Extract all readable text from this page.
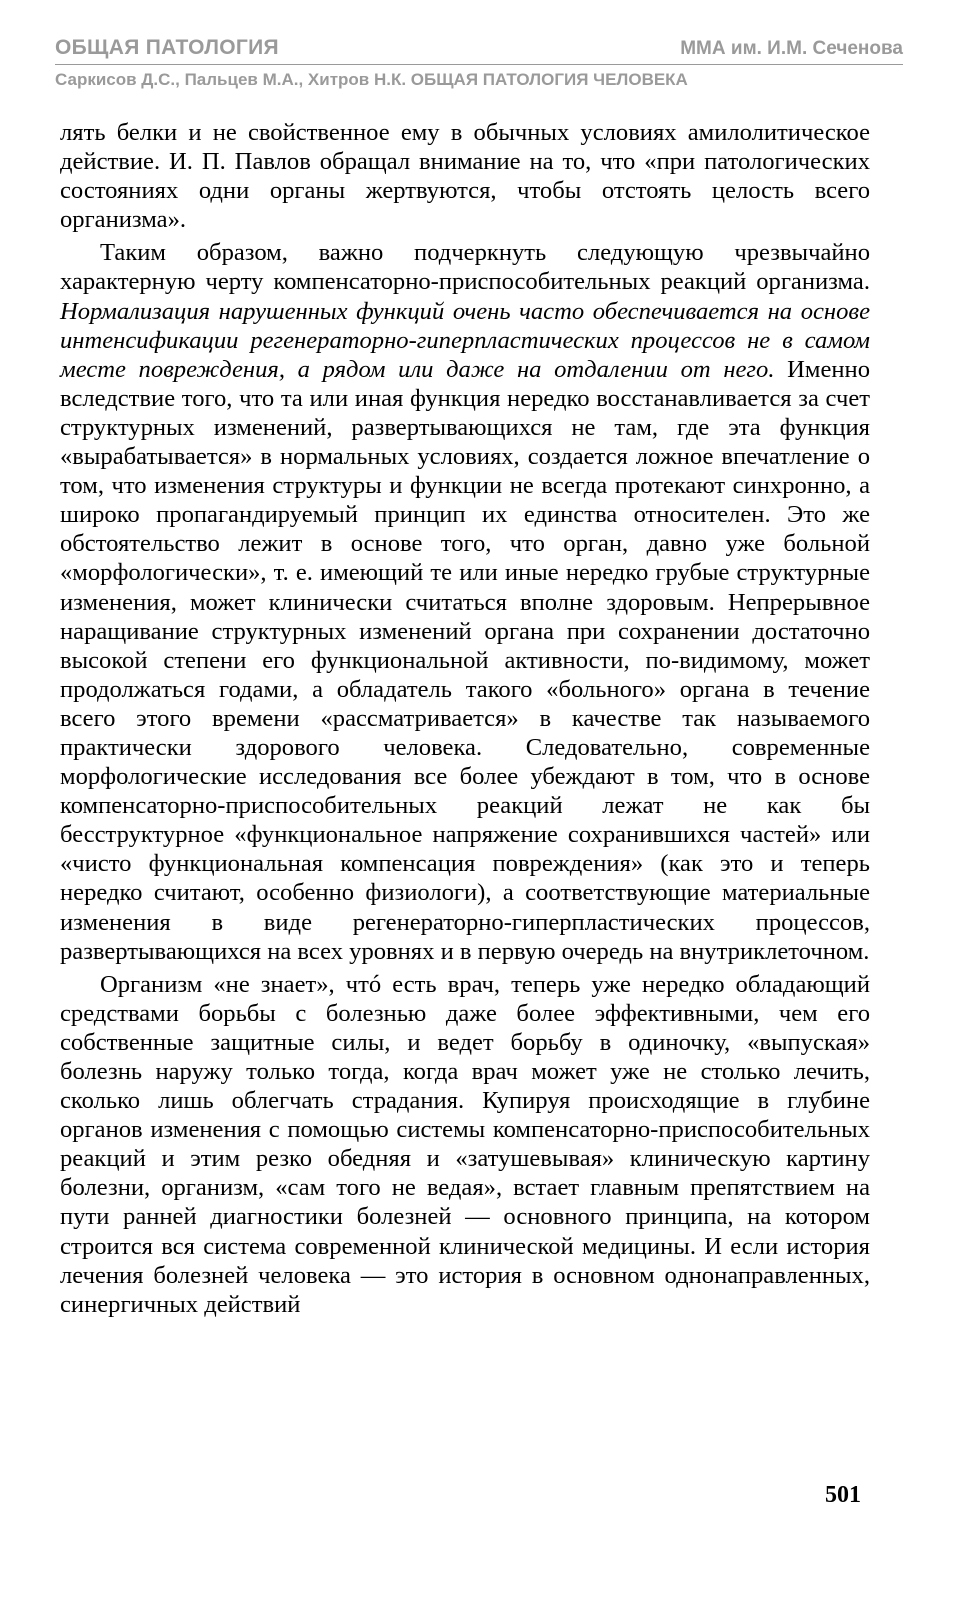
ОБЩАЯ ПАТОЛОГИЯ	ММА им. И.М. Сеченова
Саркисов Д.С., Пальцев М.А., Хитров Н.К. ОБЩАЯ ПАТОЛОГИЯ ЧЕЛОВЕКА

лять белки и не свойственное ему в обычных условиях амилолитическое действие. И. П. Павлов обращал внимание на то, что «при патологических состояниях одни органы жертвуются, чтобы отстоять целость всего организма».

Таким образом, важно подчеркнуть следующую чрезвычайно характерную черту компенсаторно-приспособительных реакций организма. Нормализация нарушенных функций очень часто обеспечивается на основе интенсификации регенераторно-гиперпластических процессов не в самом месте повреждения, а рядом или даже на отдалении от него. Именно вследствие того, что та или иная функция нередко восстанавливается за счет структурных изменений, развертывающихся не там, где эта функция «вырабатывается» в нормальных условиях, создается ложное впечатление о том, что изменения структуры и функции не всегда протекают синхронно, а широко пропагандируемый принцип их единства относителен. Это же обстоятельство лежит в основе того, что орган, давно уже больной «морфологически», т. е. имеющий те или иные нередко грубые структурные изменения, может клинически считаться вполне здоровым. Непрерывное наращивание структурных изменений органа при сохранении достаточно высокой степени его функциональной активности, по-видимому, может продолжаться годами, а обладатель такого «больного» органа в течение всего этого времени «рассматривается» в качестве так называемого практически здорового человека. Следовательно, современные морфологические исследования все более убеждают в том, что в основе компенсаторно-приспособительных реакций лежат не как бы бесструктурное «функциональное напряжение сохранившихся частей» или «чисто функциональная компенсация повреждения» (как это и теперь нередко считают, особенно физиологи), а соответствующие материальные изменения в виде регенераторно-гиперпластических процессов, развертывающихся на всех уровнях и в первую очередь на внутриклеточном.

Организм «не знает», чтó есть врач, теперь уже нередко обладающий средствами борьбы с болезнью даже более эффективными, чем его собственные защитные силы, и ведет борьбу в одиночку, «выпуская» болезнь наружу только тогда, когда врач может уже не столько лечить, сколько лишь облегчать страдания. Купируя происходящие в глубине органов изменения с помощью системы компенсаторно-приспособительных реакций и этим резко обедняя и «затушевывая» клиническую картину болезни, организм, «сам того не ведая», встает главным препятствием на пути ранней диагностики болезней — основного принципа, на котором строится вся система современной клинической медицины. И если история лечения болезней человека — это история в основном однонаправленных, синергичных действий

501
